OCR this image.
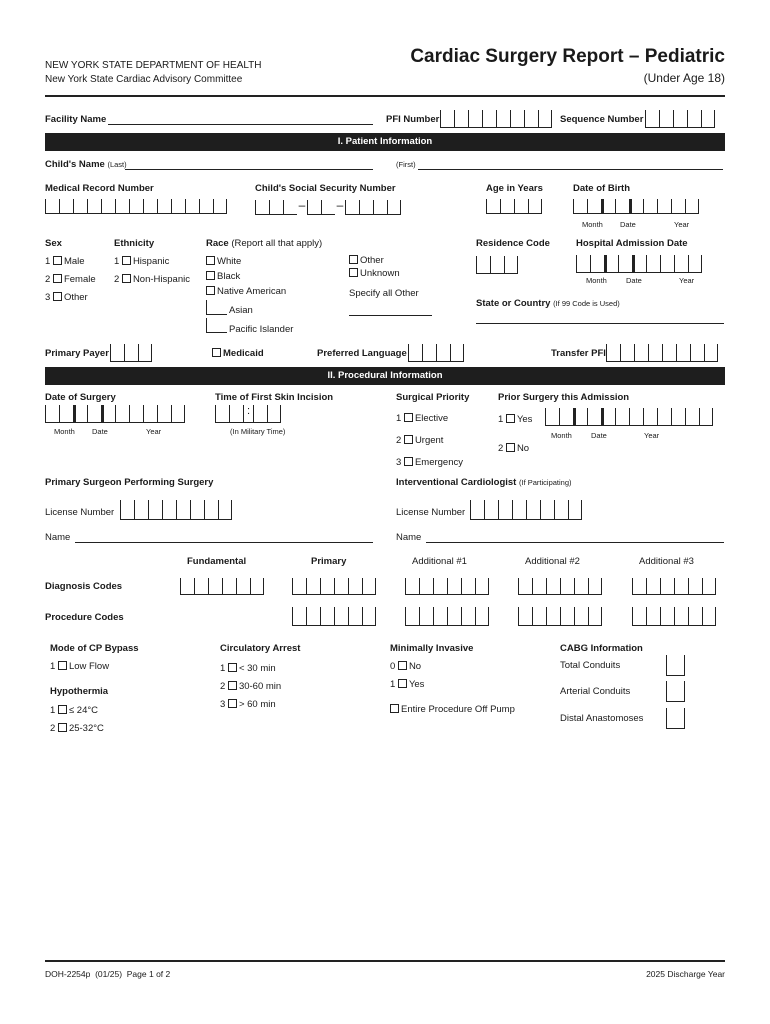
NEW YORK STATE DEPARTMENT OF HEALTH
New York State Cardiac Advisory Committee
Cardiac Surgery Report – Pediatric
(Under Age 18)
Facility Name	PFI Number	Sequence Number
I. Patient Information
Child's Name (Last)	(First)
Medical Record Number	Child's Social Security Number
–	–
Age in Years	Date of Birth
Month Date	Year
Sex
1 Male
2 Female
3 Other
Ethnicity
1 Hispanic
2 Non-Hispanic
Race (Report all that apply)
White
Black
Native American
Asian
Pacific Islander
Other
Unknown
Specify all Other
Residence Code	Hospital Admission Date
Month	Date	Year
State or Country (If 99 Code is Used)
Primary Payer	Medicaid	Preferred Language	Transfer PFI
II. Procedural Information
Date of Surgery
Month Date	Year
Time of First Skin Incision
:
(In Military Time)
Surgical Priority
1 Elective
2 Urgent
3 Emergency
Prior Surgery this Admission
1 Yes
2 No
Month	Date	Year
Primary Surgeon Performing Surgery	Interventional Cardiologist (If Participating)
License Number	License Number
Name	Name
Fundamental	Primary	Additional #1	Additional #2	Additional #3
Diagnosis Codes
Procedure Codes
Mode of CP Bypass
1 Low Flow
Hypothermia
1 ≤ 24°C
2 25-32°C
Circulatory Arrest
1 < 30 min
2 30-60 min
3 > 60 min
Minimally Invasive
0 No
1 Yes
Entire Procedure Off Pump
CABG Information
Total Conduits
Arterial Conduits
Distal Anastomoses
DOH-2254p (01/25) Page 1 of 2	2025 Discharge Year
